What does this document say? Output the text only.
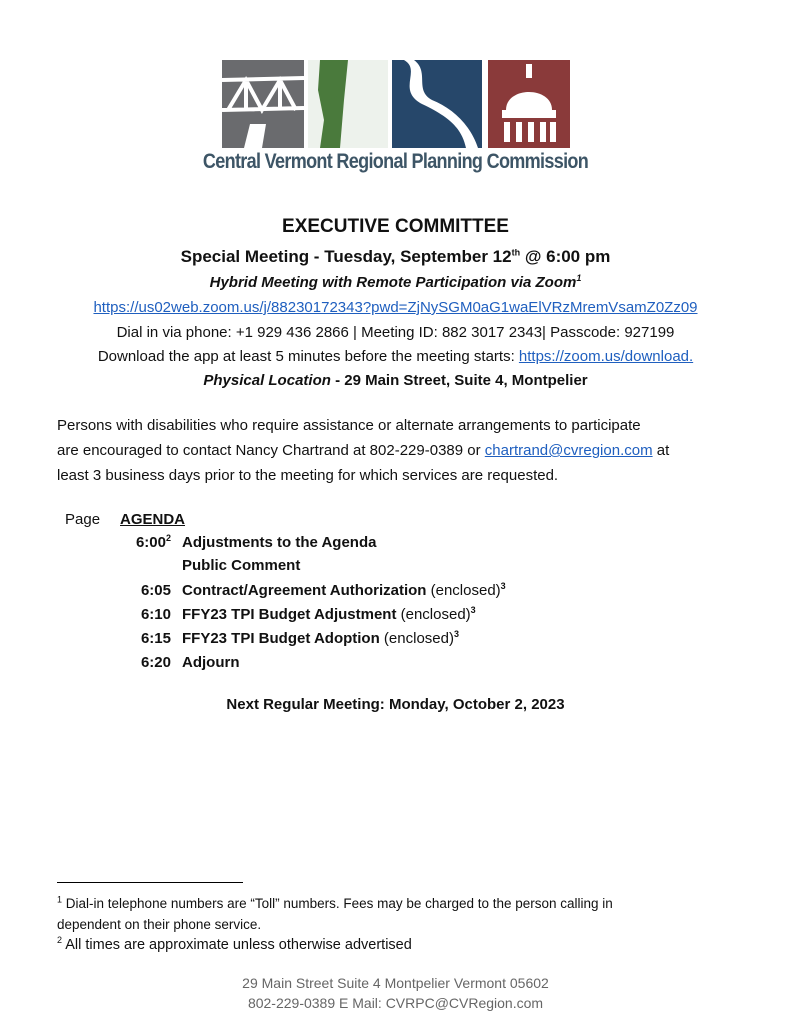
Central Vermont Regional Planning Commission
EXECUTIVE COMMITTEE
Special Meeting - Tuesday, September 12th @ 6:00 pm
Hybrid Meeting with Remote Participation via Zoom$^1$
https://us02web.zoom.us/j/88230172343?pwd=ZjNySGM0aG1waElVRzMremVsamZ0Zz09
Dial in via phone: +1 929 436 2866 | Meeting ID: 882 3017 2343| Passcode: 927199
Download the app at least 5 minutes before the meeting starts: https://zoom.us/download.
Physical Location - 29 Main Street, Suite 4, Montpelier
Persons with disabilities who require assistance or alternate arrangements to participate
are encouraged to contact Nancy Chartrand at 802-229-0389 or chartrand@cvregion.com at
least 3 business days prior to the meeting for which services are requested.
Page AGENDA
$6:00^2$ Adjustments to the Agenda
Public Comment
6:05 Contract/Agreement Authorization (enclosed)$^3$
6:10 FFY23 TPI Budget Adjustment (enclosed)$^3$
6:15 FFY23 TPI Budget Adoption (enclosed)$^3$
6:20 Adjourn
Next Regular Meeting: Monday, October 2, 2023
$^1$ Dial-in telephone numbers are “Toll” numbers. Fees may be charged to the person calling in
dependent on their phone service.
$^2$ All times are approximate unless otherwise advertised
29 Main Street Suite 4 Montpelier Vermont 05602
802-229-0389 E Mail: CVRPC@CVRegion.com
